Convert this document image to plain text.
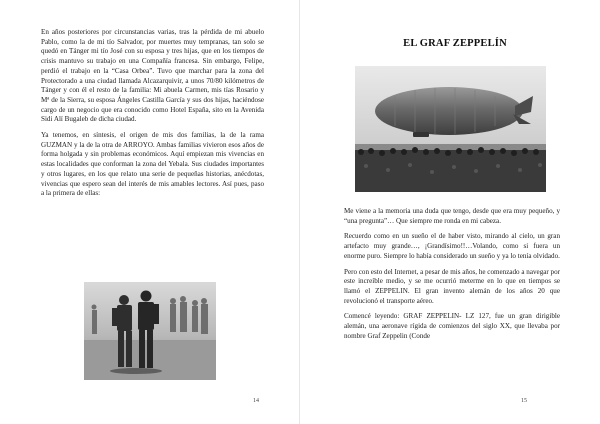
En años posteriores por circunstancias varias, tras la pérdida de mi abuelo Pablo, como la de mi tío Salvador, por muertes muy tempranas, tan solo se quedó en Tánger mi tío José con su esposa y tres hijas, que en los tiempos de crisis mantuvo su trabajo en una Compañía francesa. Sin embargo, Felipe, perdió el trabajo en la “Casa Orbea”. Tuvo que marchar para la zona del Protectorado a una ciudad llamada Alcazarquivir, a unos 70/80 kilómetros de Tánger y con él el resto de la familia: Mi abuela Carmen, mis tías Rosario y Mª de la Sierra, su esposa Ángeles Castilla García y sus dos hijas, haciéndose cargo de un negocio que era conocido como Hotel España, sito en la Avenida Sidi Alí Bugaleb de dicha ciudad.

Ya tenemos, en síntesis, el origen de mis dos familias, la de la rama GUZMAN y la de la otra de ARROYO. Ambas familias vivieron esos años de forma holgada y sin problemas económicos. Aquí empiezan mis vivencias en estas localidades que conforman la zona del Yebala. Sus ciudades importantes y otros lugares, en los que relato una serie de pequeñas historias, anécdotas, vivencias que espero sean del interés de mis amables lectores. Así pues, paso a la primera de ellas:

14
EL GRAF ZEPPELÍN

Me viene a la memoria una duda que tengo, desde que era muy pequeño, y “una pregunta”… Que siempre me ronda en mi cabeza.

Recuerdo como en un sueño el de haber visto, mirando al cielo, un gran artefacto muy grande…, ¡Grandísimo!!…Volando, como si fuera un enorme puro. Siempre lo había considerado un sueño y ya lo tenía olvidado.

Pero con esto del Internet, a pesar de mis años, he comenzado a navegar por este increíble medio, y se me ocurrió meterme en lo que en tiempos se llamó el ZEPPELIN. El gran invento alemán de los años 20 que revolucionó el transporte aéreo.

Comencé leyendo: GRAF ZEPPELIN- LZ 127, fue un gran dirigible alemán, una aeronave rígida de comienzos del siglo XX, que llevaba por nombre Graf Zeppelin (Conde

15
